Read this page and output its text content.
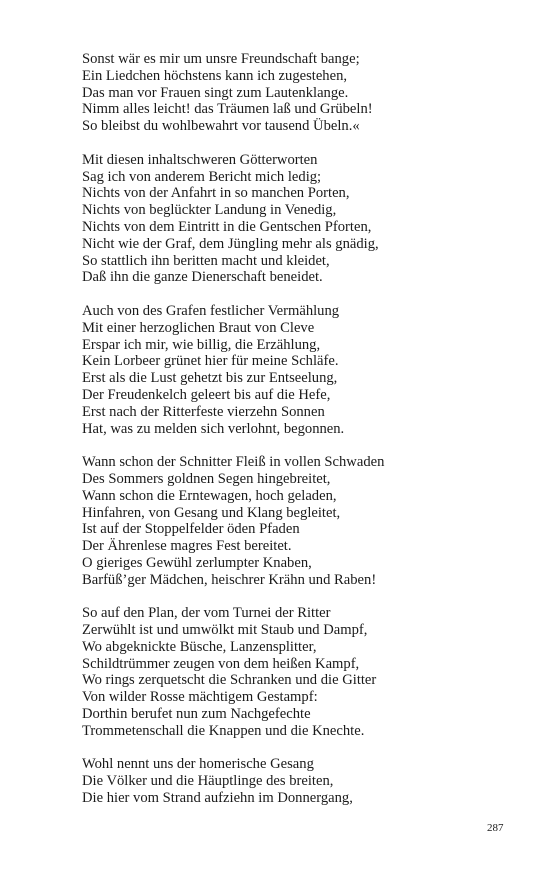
Sonst wär es mir um unsre Freundschaft bange;
Ein Liedchen höchstens kann ich zugestehen,
Das man vor Frauen singt zum Lautenklange.
Nimm alles leicht! das Träumen laß und Grübeln!
So bleibst du wohlbewahrt vor tausend Übeln.«
Mit diesen inhaltschweren Götterworten
Sag ich von anderem Bericht mich ledig;
Nichts von der Anfahrt in so manchen Porten,
Nichts von beglückter Landung in Venedig,
Nichts von dem Eintritt in die Gentschen Pforten,
Nicht wie der Graf, dem Jüngling mehr als gnädig,
So stattlich ihn beritten macht und kleidet,
Daß ihn die ganze Dienerschaft beneidet.
Auch von des Grafen festlicher Vermählung
Mit einer herzoglichen Braut von Cleve
Erspar ich mir, wie billig, die Erzählung,
Kein Lorbeer grünet hier für meine Schläfe.
Erst als die Lust gehetzt bis zur Entseelung,
Der Freudenkelch geleert bis auf die Hefe,
Erst nach der Ritterfeste vierzehn Sonnen
Hat, was zu melden sich verlohnt, begonnen.
Wann schon der Schnitter Fleiß in vollen Schwaden
Des Sommers goldnen Segen hingebreitet,
Wann schon die Erntewagen, hoch geladen,
Hinfahren, von Gesang und Klang begleitet,
Ist auf der Stoppelfelder öden Pfaden
Der Ährenlese magres Fest bereitet.
O gieriges Gewühl zerlumpter Knaben,
Barfüß’ger Mädchen, heischrer Krähn und Raben!
So auf den Plan, der vom Turnei der Ritter
Zerwühlt ist und umwölkt mit Staub und Dampf,
Wo abgeknickte Büsche, Lanzensplitter,
Schildtrümmer zeugen von dem heißen Kampf,
Wo rings zerquetscht die Schranken und die Gitter
Von wilder Rosse mächtigem Gestampf:
Dorthin berufet nun zum Nachgefechte
Trommetenschall die Knappen und die Knechte.
Wohl nennt uns der homerische Gesang
Die Völker und die Häuptlinge des breiten,
Die hier vom Strand aufziehn im Donnergang,
287
